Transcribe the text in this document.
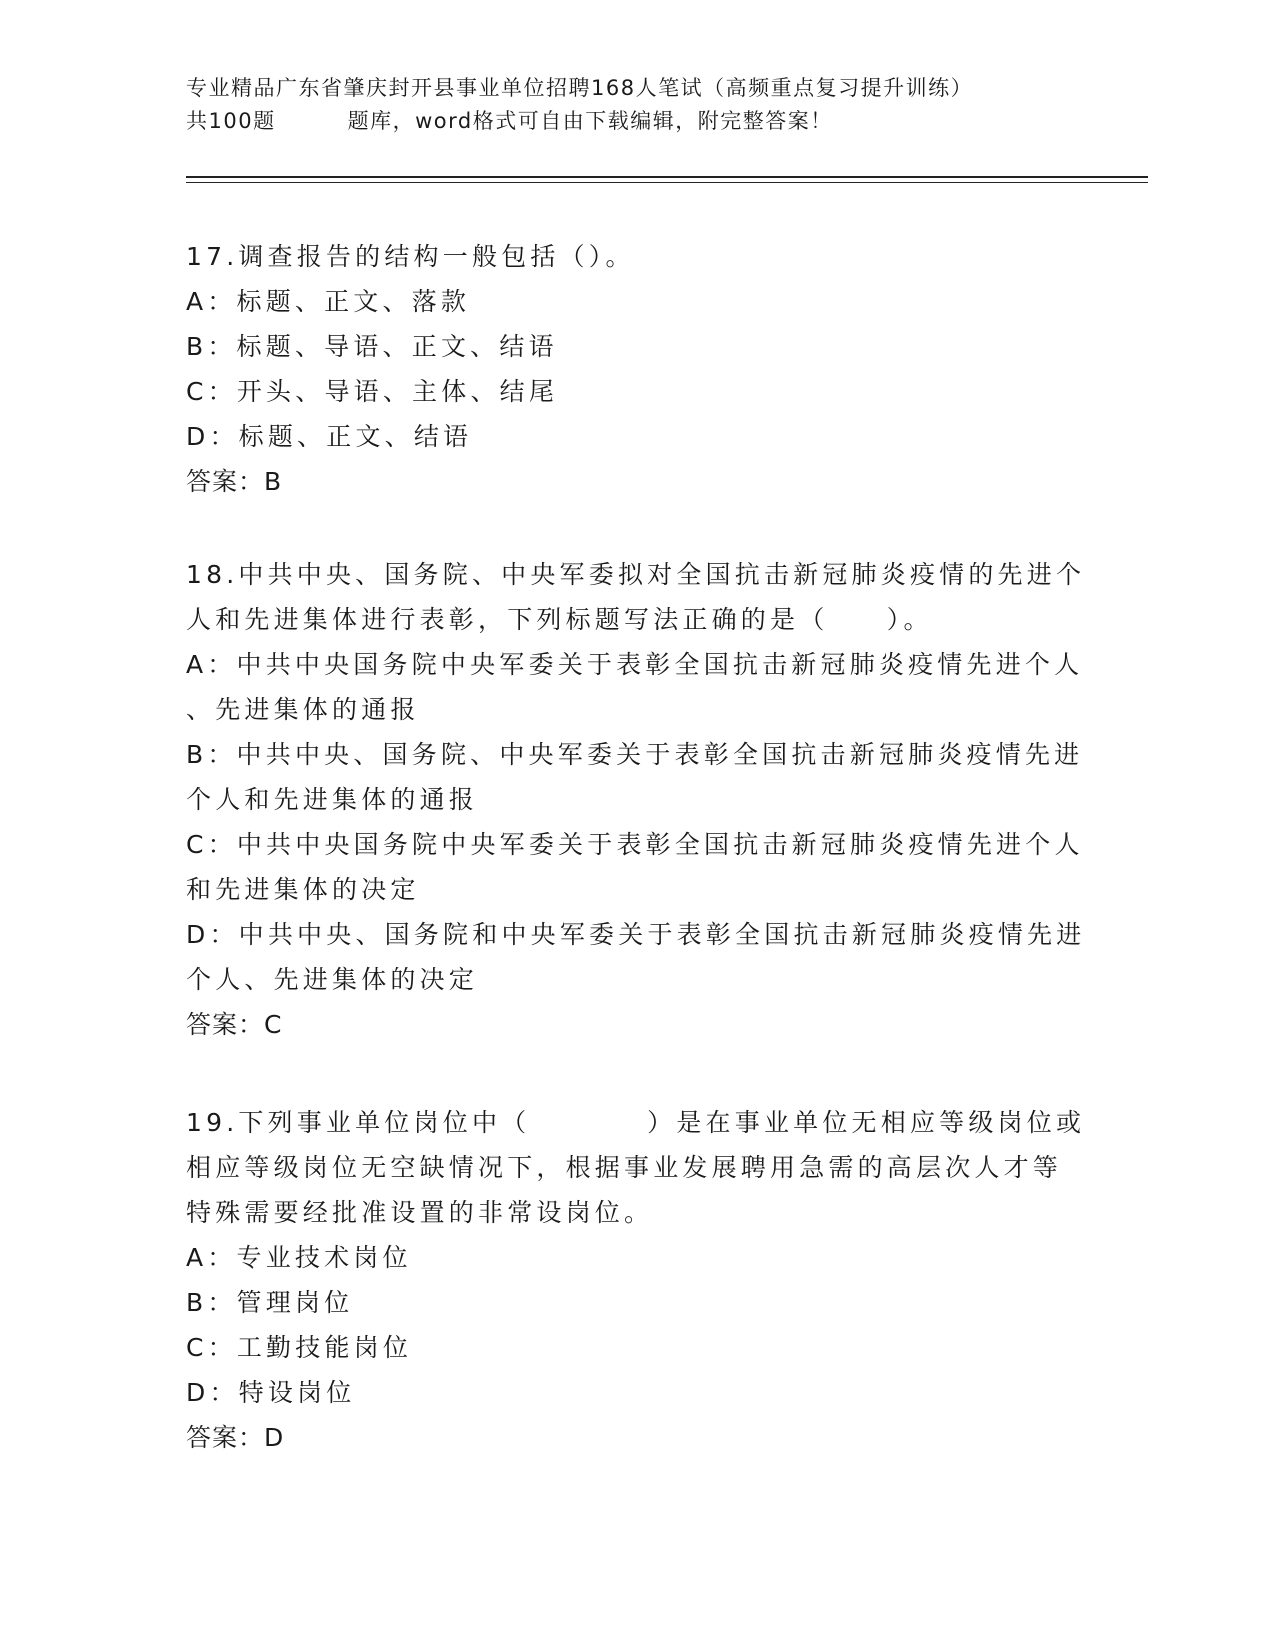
专业精品广东省肇庆封开县事业单位招聘168人笔试（高频重点复习提升训练）
共100题	题库，word格式可自由下载编辑，附完整答案！
17.调查报告的结构一般包括（）。
A：标题、正文、落款
B：标题、导语、正文、结语
C：开头、导语、主体、结尾
D：标题、正文、结语
答案：B
18.中共中央、国务院、中央军委拟对全国抗击新冠肺炎疫情的先进个
人和先进集体进行表彰，下列标题写法正确的是（　　）。
A：中共中央国务院中央军委关于表彰全国抗击新冠肺炎疫情先进个人
、先进集体的通报
B：中共中央、国务院、中央军委关于表彰全国抗击新冠肺炎疫情先进
个人和先进集体的通报
C：中共中央国务院中央军委关于表彰全国抗击新冠肺炎疫情先进个人
和先进集体的决定
D：中共中央、国务院和中央军委关于表彰全国抗击新冠肺炎疫情先进
个人、先进集体的决定
答案：C
19.下列事业单位岗位中（　　　　）是在事业单位无相应等级岗位或
相应等级岗位无空缺情况下，根据事业发展聘用急需的高层次人才等
特殊需要经批准设置的非常设岗位。
A：专业技术岗位
B：管理岗位
C：工勤技能岗位
D：特设岗位
答案：D
